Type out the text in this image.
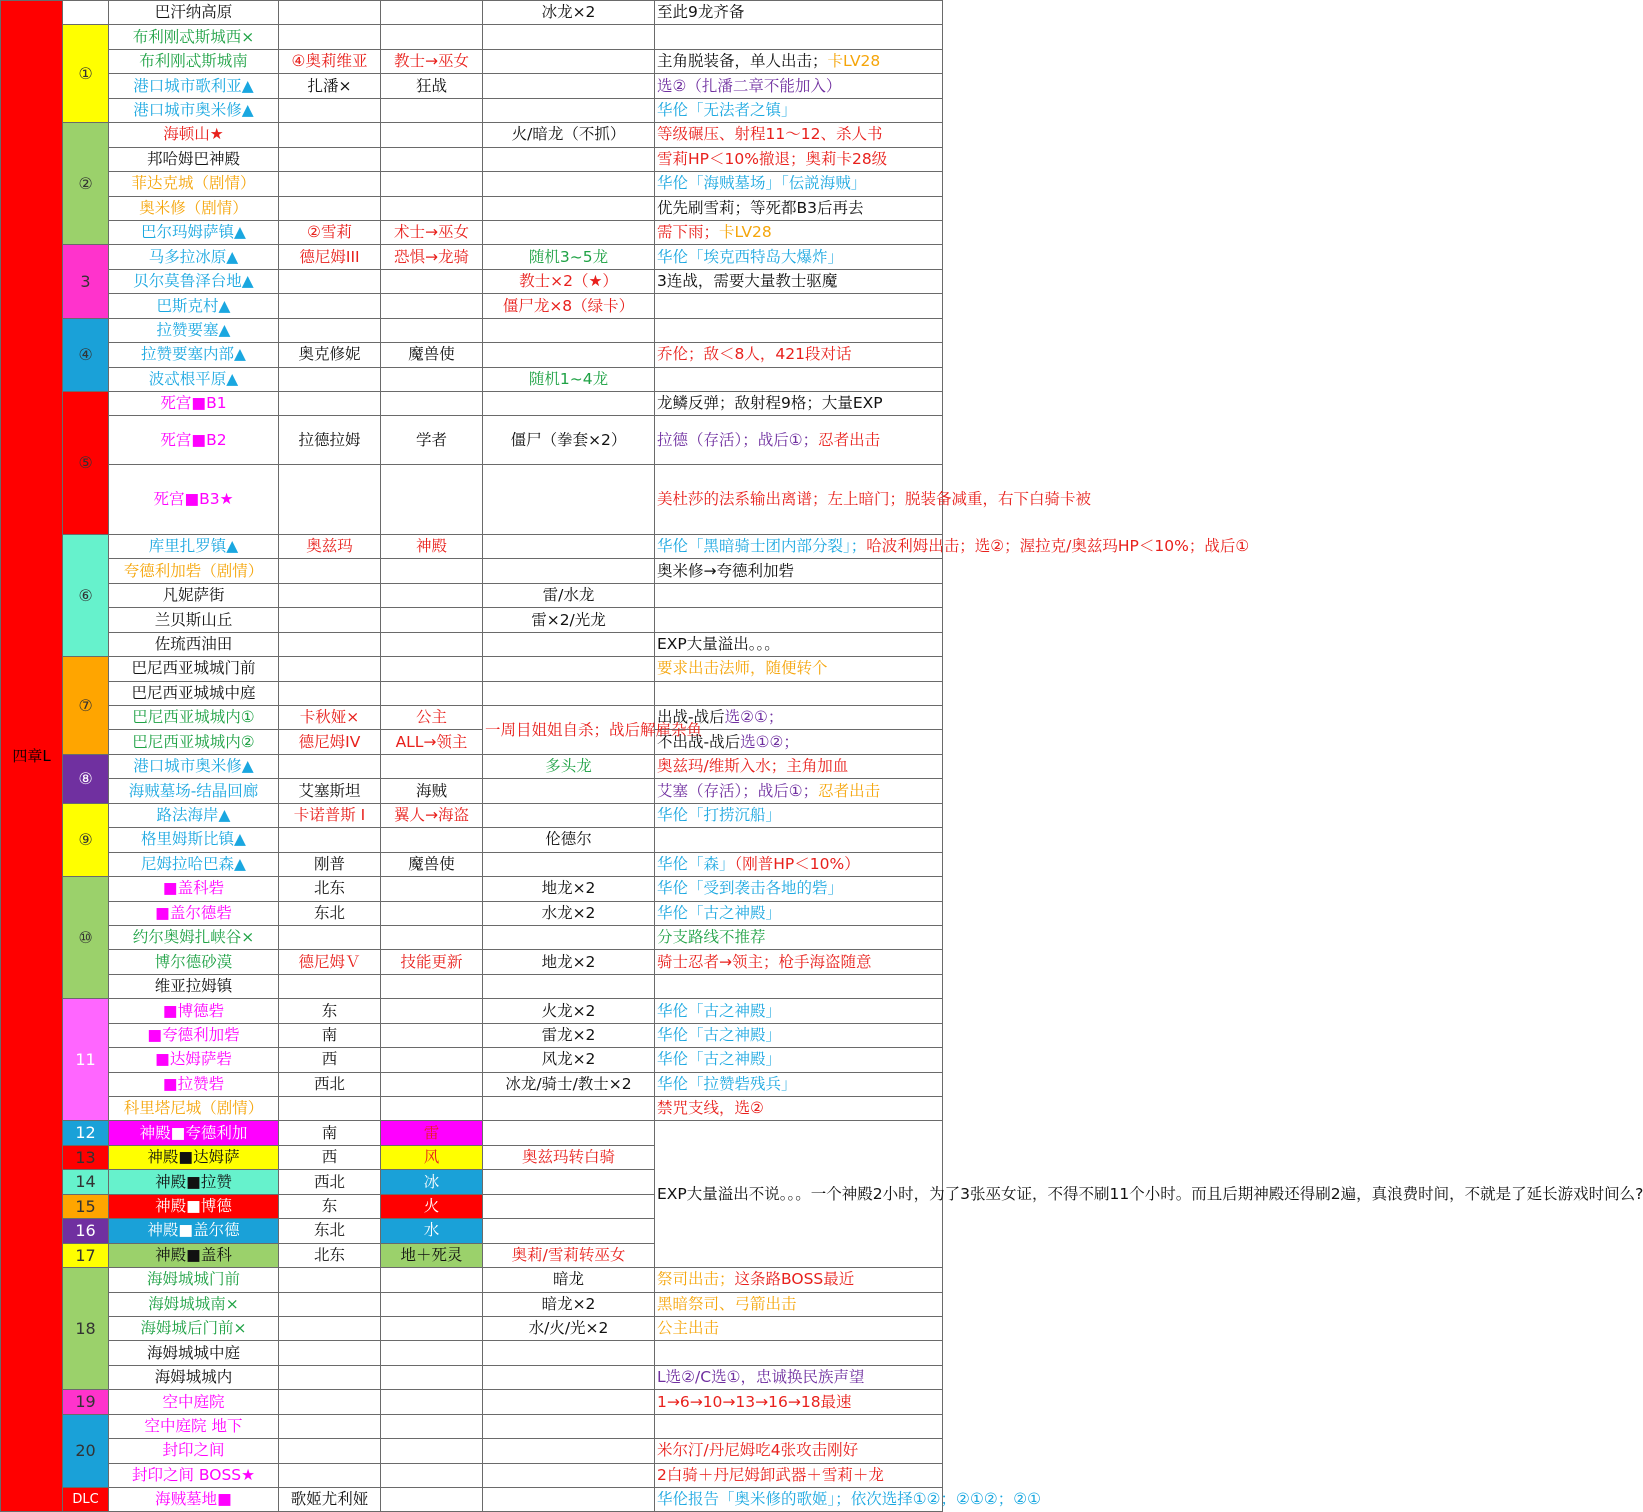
四章L		巴汗纳高原			冰龙×2	至此9龙齐备
	①	布利刚忒斯城西×				
		布利刚忒斯城南	④奥莉维亚	教士→巫女		主角脱装备，单人出击；卡LV28
		港口城市歌利亚▲	扎潘×	狂战		选②（扎潘二章不能加入）
		港口城市奥米修▲				华伦「无法者之镇」
	②	海顿山★			火/暗龙（不抓）	等级碾压、射程11～12、杀人书
		邦哈姆巴神殿				雪莉HP＜10%撤退；奥莉卡28级
		菲达克城（剧情）				华伦「海贼墓场」「伝説海贼」
		奥米修（剧情）				优先刷雪莉；等死都B3后再去
		巴尔玛姆萨镇▲	②雪莉	术士→巫女		需下雨；卡LV28
	3	马多拉冰原▲	德尼姆III	恐惧→龙骑	随机3~5龙	华伦「埃克西特岛大爆炸」
		贝尔莫鲁泽台地▲			教士×2（★）	3连战，需要大量教士驱魔
		巴斯克村▲			僵尸龙×8（绿卡）	
	④	拉赞要塞▲				
		拉赞要塞内部▲	奥克修妮	魔兽使		乔伦；敌＜8人，421段对话
		波忒根平原▲			随机1~4龙	
	⑤	死宫■B1				龙鳞反弹；敌射程9格；大量EXP
		死宫■B2	拉德拉姆	学者	僵尸（拳套×2）	拉德（存活）；战后①；忍者出击
		死宫■B3★				美杜莎的法系输出离谱；左上暗门；脱装备减重，右下白骑卡被
	⑥	库里扎罗镇▲	奥兹玛	神殿		华伦「黑暗骑士团内部分裂」；哈波利姆出击；选②；渥拉克/奥兹玛HP＜10%；战后①
		夸德利加砦（剧情）				奥米修→夸德利加砦
		凡妮萨街			雷/水龙	
		兰贝斯山丘			雷×2/光龙	
		佐琉西油田				EXP大量溢出。。。
	⑦	巴尼西亚城城门前				要求出击法师，随便转个
		巴尼西亚城城中庭				
		巴尼西亚城城内①	卡秋娅×	公主	一周目姐姐自杀；战后解雇杂鱼	出战-战后选②①；
		巴尼西亚城城内②	德尼姆IV	ALL→领主		不出战-战后选①②；
	⑧	港口城市奥米修▲			多头龙	奥兹玛/维斯入水；主角加血
		海贼墓场-结晶回廊	艾塞斯坦	海贼		艾塞（存活）；战后①；忍者出击
	⑨	路法海岸▲	卡诺普斯 I	翼人→海盗		华伦「打捞沉船」
		格里姆斯比镇▲			伦德尔	
		尼姆拉哈巴森▲	刚普	魔兽使		华伦「森」（刚普HP＜10%）
	⑩	■盖科砦	北东		地龙×2	华伦「受到袭击各地的砦」
		■盖尔德砦	东北		水龙×2	华伦「古之神殿」
		约尔奥姆扎峡谷×				分支路线不推荐
		博尔德砂漠	德尼姆Ｖ	技能更新	地龙×2	骑士忍者→领主；枪手海盗随意
		维亚拉姆镇				
	11	■博德砦	东		火龙×2	华伦「古之神殿」
		■夸德利加砦	南		雷龙×2	华伦「古之神殿」
		■达姆萨砦	西		风龙×2	华伦「古之神殿」
		■拉赞砦	西北		冰龙/骑士/教士×2	华伦「拉赞砦残兵」
		科里塔尼城（剧情）				禁咒支线，选②
	12	神殿■夸德利加	南	雷		EXP大量溢出不说。。。一个神殿2小时，为了3张巫女证，不得不刷11个小时。而且后期神殿还得刷2遍，真浪费时间，不就是了延长游戏时间么?
	13	神殿■达姆萨	西	风	奥兹玛转白骑	
	14	神殿■拉赞	西北	冰		
	15	神殿■博德	东	火		
	16	神殿■盖尔德	东北	水		
	17	神殿■盖科	北东	地＋死灵	奥莉/雪莉转巫女	
	18	海姆城城门前			暗龙	祭司出击；这条路BOSS最近
		海姆城城南×			暗龙×2	黑暗祭司、弓箭出击
		海姆城后门前×			水/火/光×2	公主出击
		海姆城城中庭				
		海姆城城内				L选②/C选①，忠诚换民族声望
	19	空中庭院				1→6→10→13→16→18最速
	20	空中庭院 地下				
		封印之间				米尔汀/丹尼姆吃4张攻击刚好
		封印之间 BOSS★				2白骑＋丹尼姆卸武器＋雪莉＋龙
	DLC	海贼墓地■	歌姬尤利娅			华伦报告「奥米修的歌姬」；依次选择①②；②①②；②①
